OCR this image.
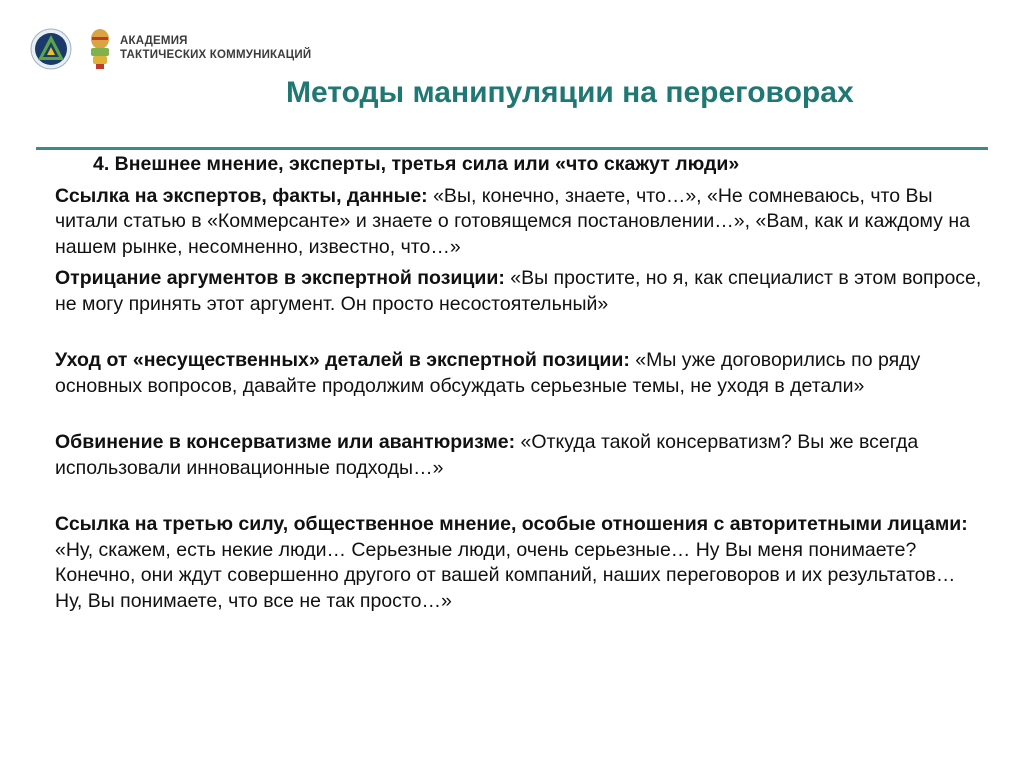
АКАДЕМИЯ
ТАКТИЧЕСКИХ КОММУНИКАЦИЙ
Методы манипуляции на переговорах
4. Внешнее мнение, эксперты, третья сила или «что скажут люди»

Ссылка на экспертов, факты, данные: «Вы, конечно, знаете, что…», «Не сомневаюсь, что Вы читали статью в «Коммерсанте» и знаете о готовящемся постановлении…», «Вам, как и каждому на нашем рынке, несомненно, известно, что…»

Отрицание аргументов в экспертной позиции: «Вы простите, но я, как специалист в этом вопросе, не могу принять этот аргумент. Он просто несостоятельный»

Уход от «несущественных» деталей в экспертной позиции: «Мы уже договорились по ряду основных вопросов, давайте продолжим обсуждать серьезные темы, не уходя в детали»

Обвинение в консерватизме или авантюризме: «Откуда такой консерватизм? Вы же всегда использовали инновационные подходы…»

Ссылка на третью силу, общественное мнение, особые отношения с авторитетными лицами: «Ну, скажем, есть некие люди… Серьезные люди, очень серьезные… Ну Вы меня понимаете? Конечно, они ждут совершенно другого от вашей компаний, наших переговоров и их результатов… Ну, Вы понимаете, что все не так просто…»
